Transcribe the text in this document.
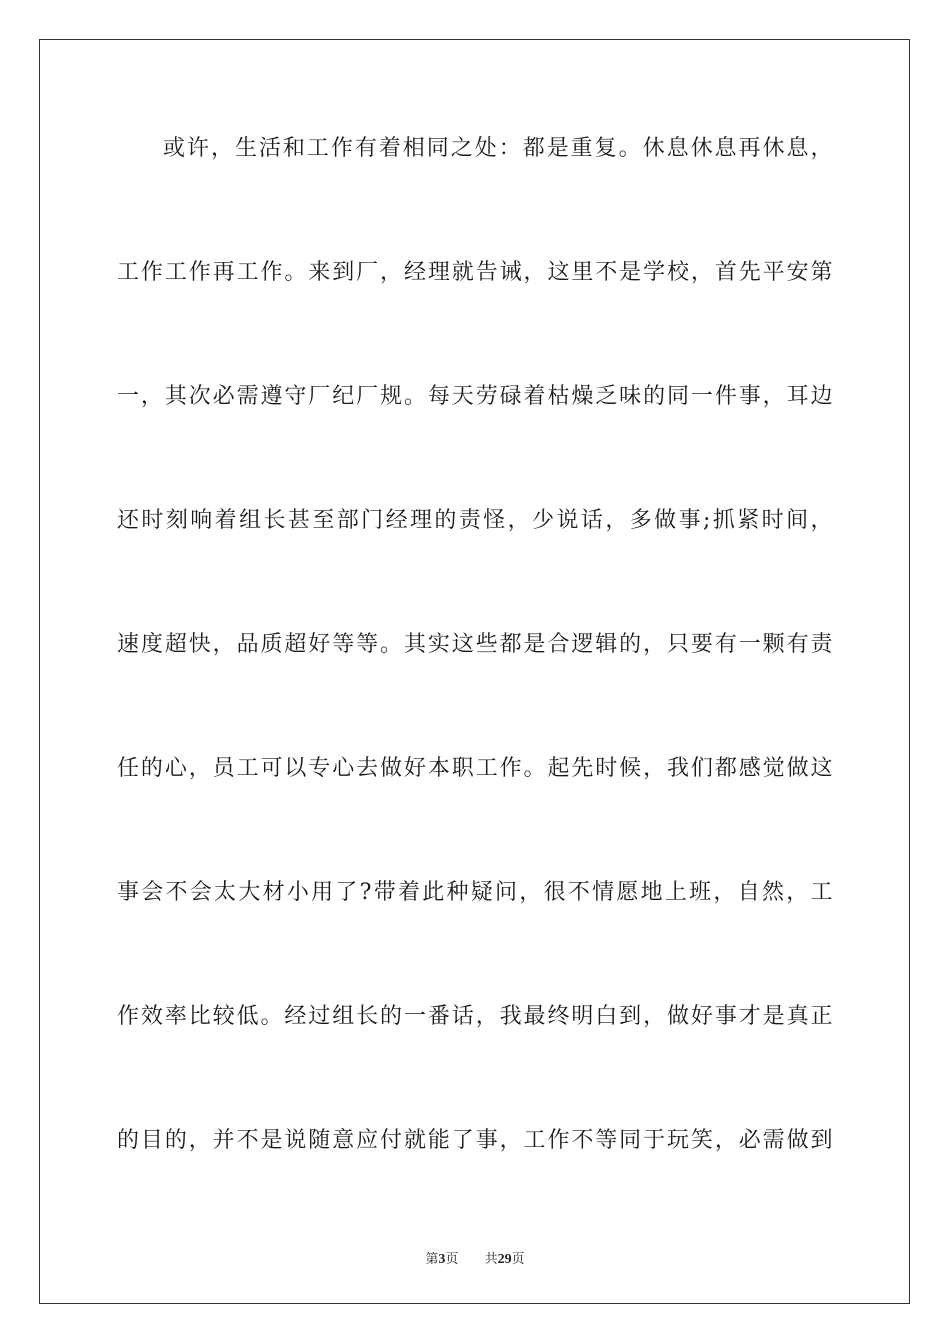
或许，生活和工作有着相同之处：都是重复。休息休息再休息，
工作工作再工作。来到厂，经理就告诫，这里不是学校，首先平安第
一，其次必需遵守厂纪厂规。每天劳碌着枯燥乏味的同一件事，耳边
还时刻响着组长甚至部门经理的责怪，少说话，多做事;抓紧时间，
速度超快，品质超好等等。其实这些都是合逻辑的，只要有一颗有责
任的心，员工可以专心去做好本职工作。起先时候，我们都感觉做这
事会不会太大材小用了?带着此种疑问，很不情愿地上班，自然，工
作效率比较低。经过组长的一番话，我最终明白到，做好事才是真正
的目的，并不是说随意应付就能了事，工作不等同于玩笑，必需做到
第3页 共29页
